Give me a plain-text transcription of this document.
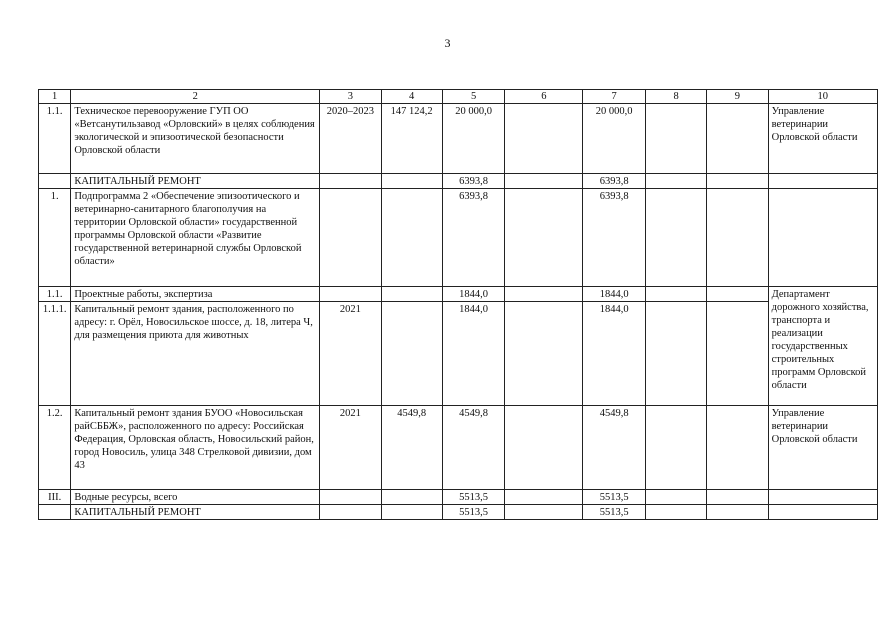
3
1	2	3	4	5	6	7	8	9	10
1.1.	Техническое перевооружение ГУП ОО «Ветсанутильзавод «Орловский» в целях соблюдения экологической и эпизоотической безопасности Орловской области	2020–2023	147 124,2	20 000,0		20 000,0			Управление ветеринарии Орловской области
	КАПИТАЛЬНЫЙ РЕМОНТ			6393,8		6393,8			
1.	Подпрограмма 2 «Обеспечение эпизоотического и ветеринарно-санитарного благополучия на территории Орловской области» государственной программы Орловской области «Развитие государственной ветеринарной службы Орловской области»			6393,8		6393,8			
1.1.	Проектные работы, экспертиза			1844,0		1844,0			Департамент дорожного хозяйства, транспорта и реализации государственных строительных программ Орловской области
1.1.1.	Капитальный ремонт здания, расположенного по адресу: г. Орёл, Новосильское шоссе, д. 18, литера Ч, для размещения приюта для животных	2021		1844,0		1844,0			
1.2.	Капитальный ремонт здания БУОО «Новосильская райСББЖ», расположенного по адресу: Российская Федерация, Орловская область, Новосильский район, город Новосиль, улица 348 Стрелковой дивизии, дом 43	2021	4549,8	4549,8		4549,8			Управление ветеринарии Орловской области
III.	Водные ресурсы, всего			5513,5		5513,5			
	КАПИТАЛЬНЫЙ РЕМОНТ			5513,5		5513,5			
